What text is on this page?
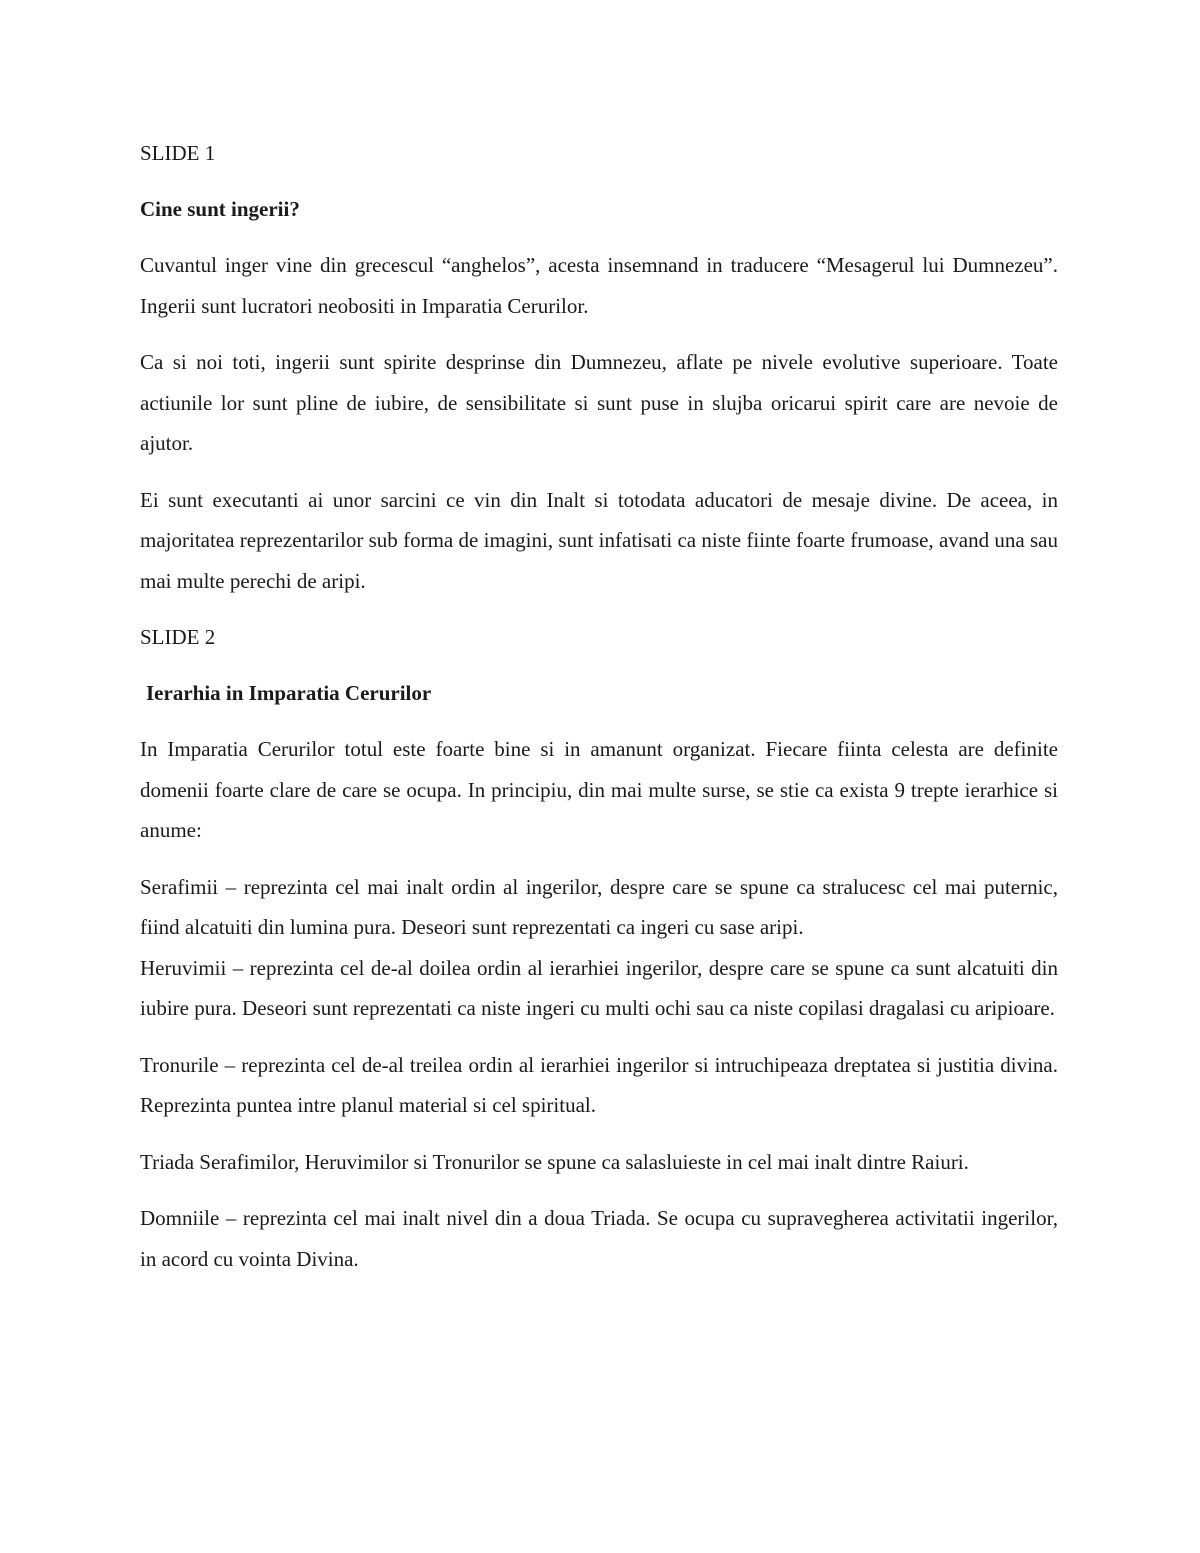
SLIDE 1

Cine sunt ingerii?

Cuvantul inger vine din grecescul “anghelos”, acesta insemnand in traducere “Mesagerul lui Dumnezeu”. Ingerii sunt lucratori neobositi in Imparatia Cerurilor.

Ca si noi toti, ingerii sunt spirite desprinse din Dumnezeu, aflate pe nivele evolutive superioare. Toate actiunile lor sunt pline de iubire, de sensibilitate si sunt puse in slujba oricarui spirit care are nevoie de ajutor.

Ei sunt executanti ai unor sarcini ce vin din Inalt si totodata aducatori de mesaje divine. De aceea, in majoritatea reprezentarilor sub forma de imagini, sunt infatisati ca niste fiinte foarte frumoase, avand una sau mai multe perechi de aripi.

SLIDE 2

Ierarhia in Imparatia Cerurilor

In Imparatia Cerurilor totul este foarte bine si in amanunt organizat. Fiecare fiinta celesta are definite domenii foarte clare de care se ocupa. In principiu, din mai multe surse, se stie ca exista 9 trepte ierarhice si anume:

Serafimii – reprezinta cel mai inalt ordin al ingerilor, despre care se spune ca stralucesc cel mai puternic, fiind alcatuiti din lumina pura. Deseori sunt reprezentati ca ingeri cu sase aripi.

Heruvimii – reprezinta cel de-al doilea ordin al ierarhiei ingerilor, despre care se spune ca sunt alcatuiti din iubire pura. Deseori sunt reprezentati ca niste ingeri cu multi ochi sau ca niste copilasi dragalasi cu aripioare.

Tronurile – reprezinta cel de-al treilea ordin al ierarhiei ingerilor si intruchipeaza dreptatea si justitia divina. Reprezinta puntea intre planul material si cel spiritual.

Triada Serafimilor, Heruvimilor si Tronurilor se spune ca salasluieste in cel mai inalt dintre Raiuri.

Domniile – reprezinta cel mai inalt nivel din a doua Triada. Se ocupa cu supravegherea activitatii ingerilor, in acord cu vointa Divina.
